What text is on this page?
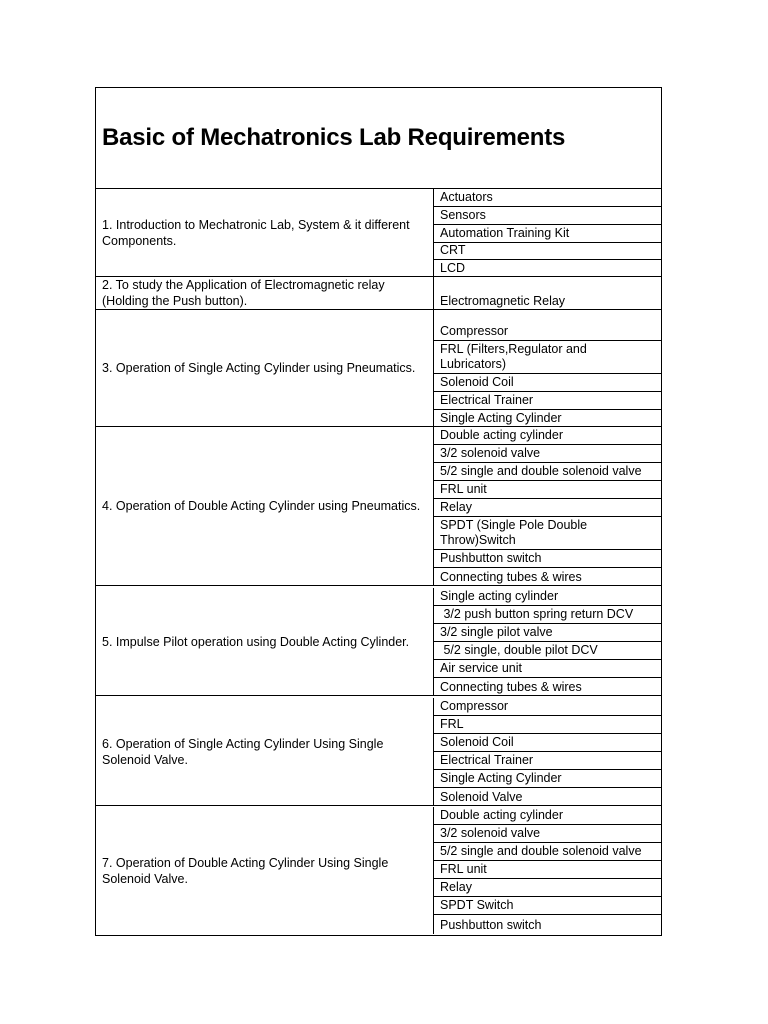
Basic of Mechatronics Lab Requirements
1. Introduction to Mechatronic Lab, System & it different Components.
Actuators
Sensors
Automation Training Kit
CRT
LCD
2. To study the Application of Electromagnetic relay (Holding the Push button).	Electromagnetic Relay
3. Operation of Single Acting Cylinder using Pneumatics.
Compressor
FRL (Filters,Regulator and Lubricators)
Solenoid Coil
Electrical Trainer
Single Acting Cylinder
4. Operation of Double Acting Cylinder using Pneumatics.
Double acting cylinder
3/2 solenoid valve
5/2 single and double solenoid valve
FRL unit
Relay
SPDT (Single Pole Double Throw)Switch
Pushbutton switch
Connecting tubes & wires
5. Impulse Pilot operation using Double Acting Cylinder.
Single acting cylinder
3/2 push button spring return DCV
3/2 single pilot valve
5/2 single, double pilot DCV
Air service unit
Connecting tubes & wires
6. Operation of Single Acting Cylinder Using Single Solenoid Valve.
Compressor
FRL
Solenoid Coil
Electrical Trainer
Single Acting Cylinder
Solenoid Valve
7. Operation of Double Acting Cylinder Using Single Solenoid Valve.
Double acting cylinder
3/2 solenoid valve
5/2 single and double solenoid valve
FRL unit
Relay
SPDT Switch
Pushbutton switch
